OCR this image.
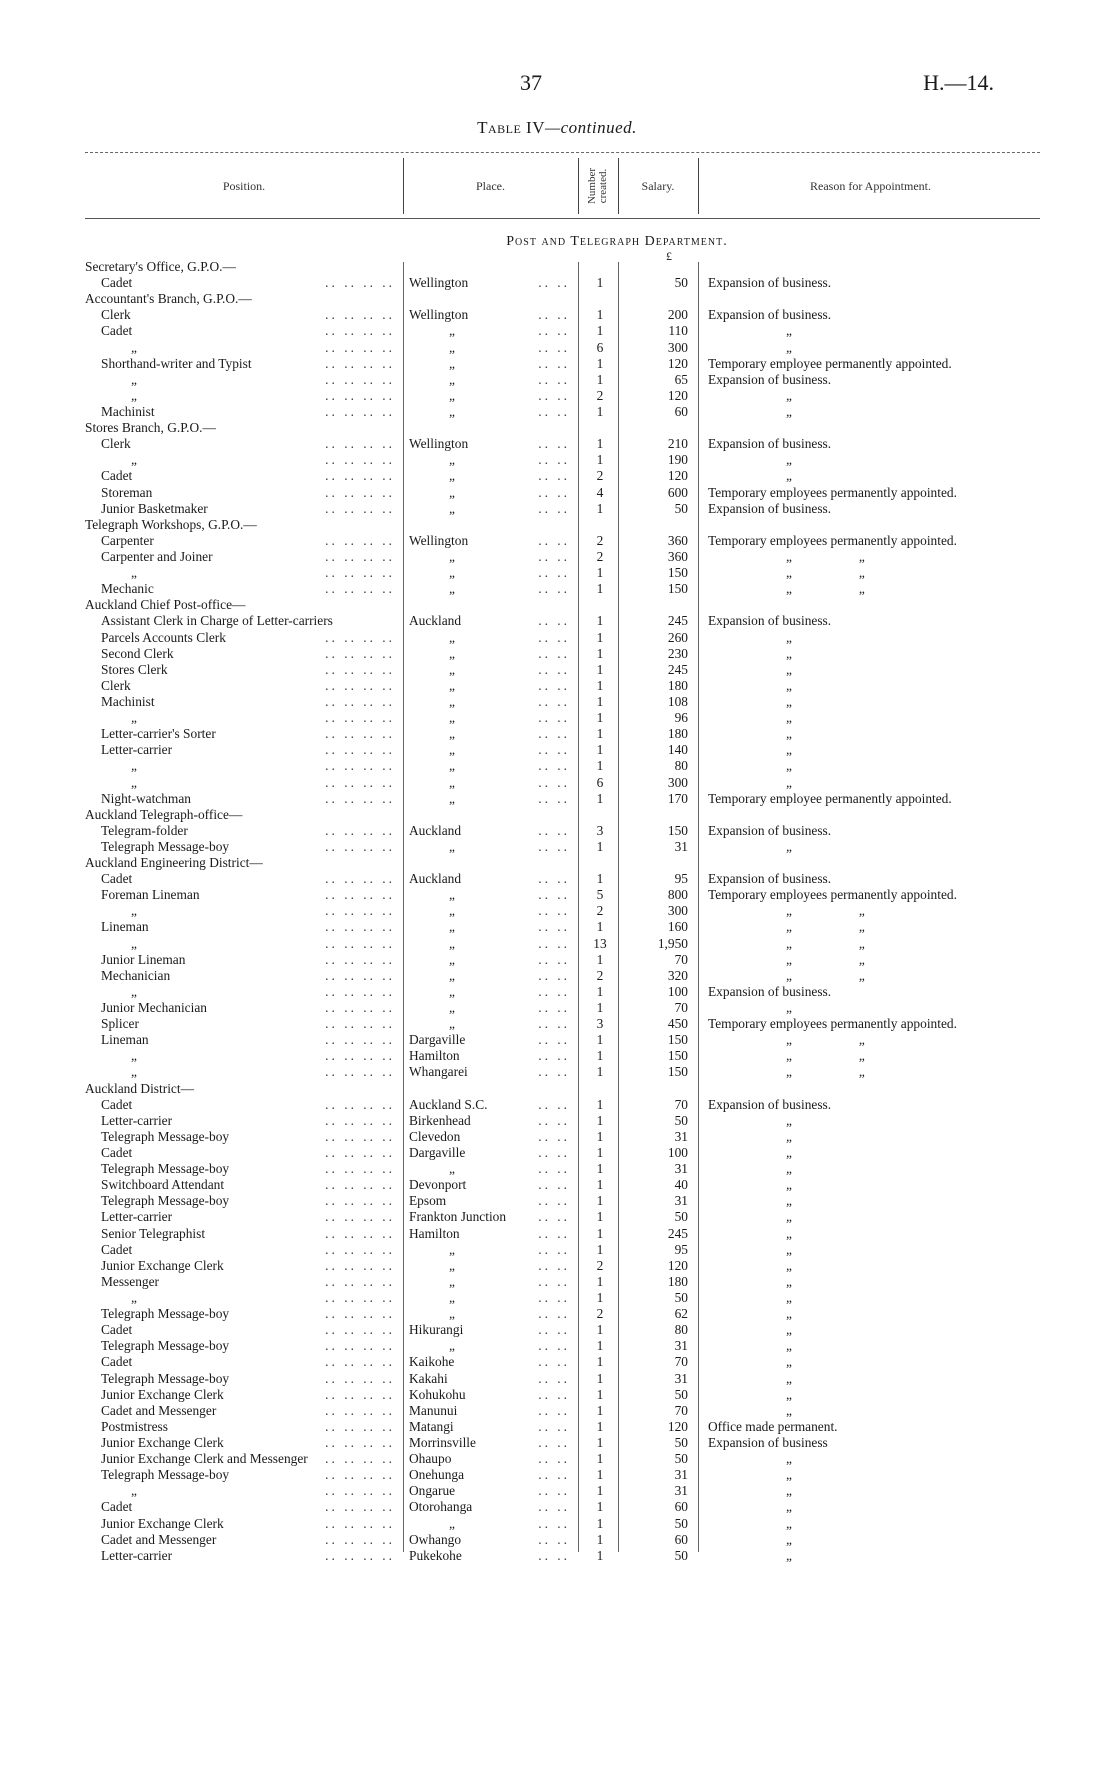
37	H.—14.
Table IV—continued.
Position.	Place.	Number created.	Salary.	Reason for Appointment.
Post and Telegraph Department.
£
Secretary's Office, G.P.O.—
Cadet	.. .. .. .. Wellington	.. ..	1	50 Expansion of business.
Accountant's Branch, G.P.O.—
Clerk	.. .. .. .. Wellington	.. ..	1	200 Expansion of business.
Cadet	.. .. .. ..	„	.. ..	1	110	„
„	.. .. .. ..	„	.. ..	6	300	„
Shorthand-writer and Typist	.. .. .. ..	„	.. ..	1	120 Temporary employee permanently appointed.
„	.. .. .. ..	„	.. ..	1	65 Expansion of business.
„	.. .. .. ..	„	.. ..	2	120	„
Machinist	.. .. .. ..	„	.. ..	1	60	„
Stores Branch, G.P.O.—
Clerk	.. .. .. .. Wellington	.. ..	1	210 Expansion of business.
„	.. .. .. ..	„	.. ..	1	190	„
Cadet	.. .. .. ..	„	.. ..	2	120	„
Storeman	.. .. .. ..	„	.. ..	4	600 Temporary employees permanently appointed.
Junior Basketmaker	.. .. .. ..	„	.. ..	1	50 Expansion of business.
Telegraph Workshops, G.P.O.—
Carpenter	.. .. .. .. Wellington	.. ..	2	360 Temporary employees permanently appointed.
Carpenter and Joiner	.. .. .. ..	„	.. ..	2	360	„                    „
„	.. .. .. ..	„	.. ..	1	150	„                    „
Mechanic	.. .. .. ..	„	.. ..	1	150	„                    „
Auckland Chief Post-office—
Assistant Clerk in Charge of Letter-carriers	Auckland	.. ..	1	245 Expansion of business.
Parcels Accounts Clerk	.. .. .. ..	„	.. ..	1	260	„
Second Clerk	.. .. .. ..	„	.. ..	1	230	„
Stores Clerk	.. .. .. ..	„	.. ..	1	245	„
Clerk	.. .. .. ..	„	.. ..	1	180	„
Machinist	.. .. .. ..	„	.. ..	1	108	„
„	.. .. .. ..	„	.. ..	1	96	„
Letter-carrier's Sorter	.. .. .. ..	„	.. ..	1	180	„
Letter-carrier	.. .. .. ..	„	.. ..	1	140	„
„	.. .. .. ..	„	.. ..	1	80	„
„	.. .. .. ..	„	.. ..	6	300	„
Night-watchman	.. .. .. ..	„	.. ..	1	170 Temporary employee permanently appointed.
Auckland Telegraph-office—
Telegram-folder	.. .. .. .. Auckland	.. ..	3	150 Expansion of business.
Telegraph Message-boy	.. .. .. ..	„	.. ..	1	31	„
Auckland Engineering District—
Cadet	.. .. .. .. Auckland	.. ..	1	95 Expansion of business.
Foreman Lineman	.. .. .. ..	„	.. ..	5	800 Temporary employees permanently appointed.
„	.. .. .. ..	„	.. ..	2	300	„                    „
Lineman	.. .. .. ..	„	.. ..	1	160	„                    „
„	.. .. .. ..	„	.. ..	13	1,950	„                    „
Junior Lineman	.. .. .. ..	„	.. ..	1	70	„                    „
Mechanician	.. .. .. ..	„	.. ..	2	320	„                    „
„	.. .. .. ..	„	.. ..	1	100 Expansion of business.
Junior Mechanician	.. .. .. ..	„	.. ..	1	70	„
Splicer	.. .. .. ..	„	.. ..	3	450 Temporary employees permanently appointed.
Lineman	.. .. .. .. Dargaville	.. ..	1	150	„                    „
„	.. .. .. .. Hamilton	.. ..	1	150	„                    „
„	.. .. .. .. Whangarei	.. ..	1	150	„                    „
Auckland District—
Cadet	.. .. .. .. Auckland S.C.	.. ..	1	70 Expansion of business.
Letter-carrier	.. .. .. .. Birkenhead	.. ..	1	50	„
Telegraph Message-boy	.. .. .. .. Clevedon	.. ..	1	31	„
Cadet	.. .. .. .. Dargaville	.. ..	1	100	„
Telegraph Message-boy	.. .. .. ..	„	.. ..	1	31	„
Switchboard Attendant	.. .. .. .. Devonport	.. ..	1	40	„
Telegraph Message-boy	.. .. .. .. Epsom	.. ..	1	31	„
Letter-carrier	.. .. .. .. Frankton Junction	.. ..	1	50	„
Senior Telegraphist	.. .. .. .. Hamilton	.. ..	1	245	„
Cadet	.. .. .. ..	„	.. ..	1	95	„
Junior Exchange Clerk	.. .. .. ..	„	.. ..	2	120	„
Messenger	.. .. .. ..	„	.. ..	1	180	„
„	.. .. .. ..	„	.. ..	1	50	„
Telegraph Message-boy	.. .. .. ..	„	.. ..	2	62	„
Cadet	.. .. .. .. Hikurangi	.. ..	1	80	„
Telegraph Message-boy	.. .. .. ..	„	.. ..	1	31	„
Cadet	.. .. .. .. Kaikohe	.. ..	1	70	„
Telegraph Message-boy	.. .. .. .. Kakahi	.. ..	1	31	„
Junior Exchange Clerk	.. .. .. .. Kohukohu	.. ..	1	50	„
Cadet and Messenger	.. .. .. .. Manunui	.. ..	1	70	„
Postmistress	.. .. .. .. Matangi	.. ..	1	120 Office made permanent.
Junior Exchange Clerk	.. .. .. .. Morrinsville	.. ..	1	50 Expansion of business
Junior Exchange Clerk and Messenger	.. .. .. .. Ohaupo	.. ..	1	50	„
Telegraph Message-boy	.. .. .. .. Onehunga	.. ..	1	31	„
„	.. .. .. .. Ongarue	.. ..	1	31	„
Cadet	.. .. .. .. Otorohanga	.. ..	1	60	„
Junior Exchange Clerk	.. .. .. ..	„	.. ..	1	50	„
Cadet and Messenger	.. .. .. .. Owhango	.. ..	1	60	„
Letter-carrier	.. .. .. .. Pukekohe	.. ..	1	50	„
